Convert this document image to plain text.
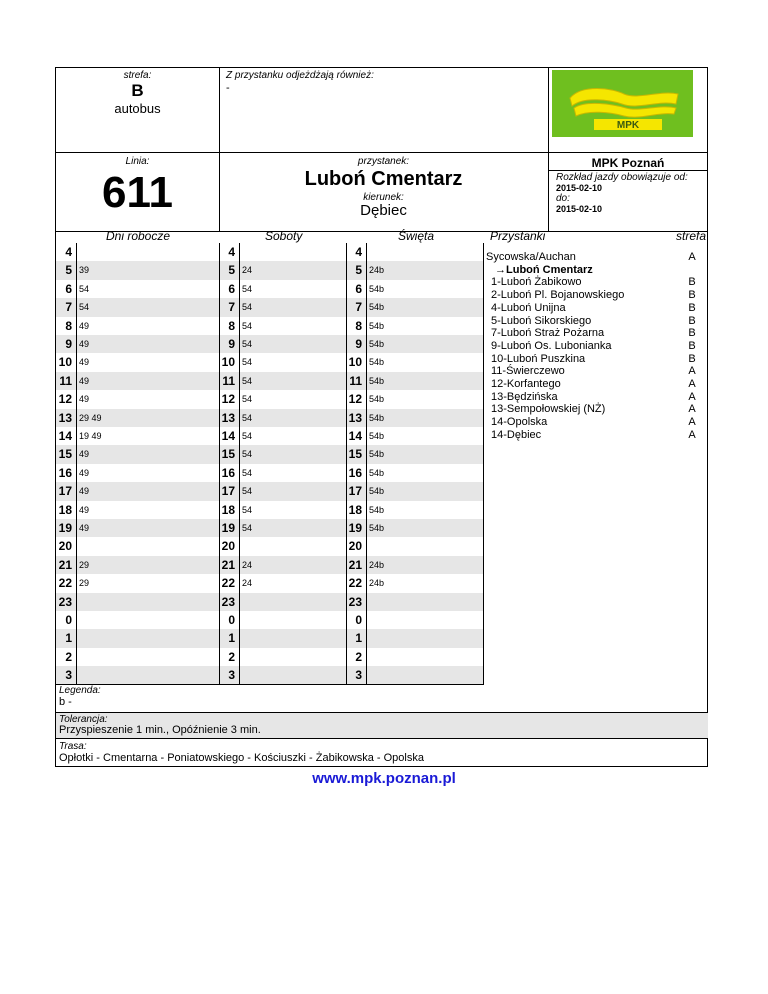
strefa:
B
autobus
Z przystanku odjeżdżają również:
-
MPK
Linia:
611
przystanek:
Luboń Cmentarz
kierunek:
Dębiec
MPK Poznań
Rozkład jazdy obowiązuje od:
2015-02-10
do:
2015-02-10
Dni robocze	Soboty	Święta	Przystanki	strefa
4	4	4
5 39	5 24	5 24b
6 54	6 54	6 54b
7 54	7 54	7 54b
8 49	8 54	8 54b
9 49	9 54	9 54b
10 49	10 54	10 54b
11 49	11 54	11 54b
12 49	12 54	12 54b
13 29 49	13 54	13 54b
14 19 49	14 54	14 54b
15 49	15 54	15 54b
16 49	16 54	16 54b
17 49	17 54	17 54b
18 49	18 54	18 54b
19 49	19 54	19 54b
20	20	20
21 29	21 24	21 24b
22 29	22 24	22 24b
23	23	23
0	0	0
1	1	1
2	2	2
3	3	3
Sycowska/Auchan	A
→Luboń Cmentarz
1-Luboń Żabikowo	B
2-Luboń Pl. Bojanowskiego	B
4-Luboń Unijna	B
5-Luboń Sikorskiego	B
7-Luboń Straż Pożarna	B
9-Luboń Os. Lubonianka	B
10-Luboń Puszkina	B
11-Świerczewo	A
12-Korfantego	A
13-Będzińska	A
13-Sempołowskiej (NŻ)	A
14-Opolska	A
14-Dębiec	A
Legenda:
b -
Tolerancja:
Przyspieszenie 1 min., Opóźnienie 3 min.
Trasa:
Opłotki - Cmentarna - Poniatowskiego - Kościuszki - Żabikowska - Opolska
www.mpk.poznan.pl
